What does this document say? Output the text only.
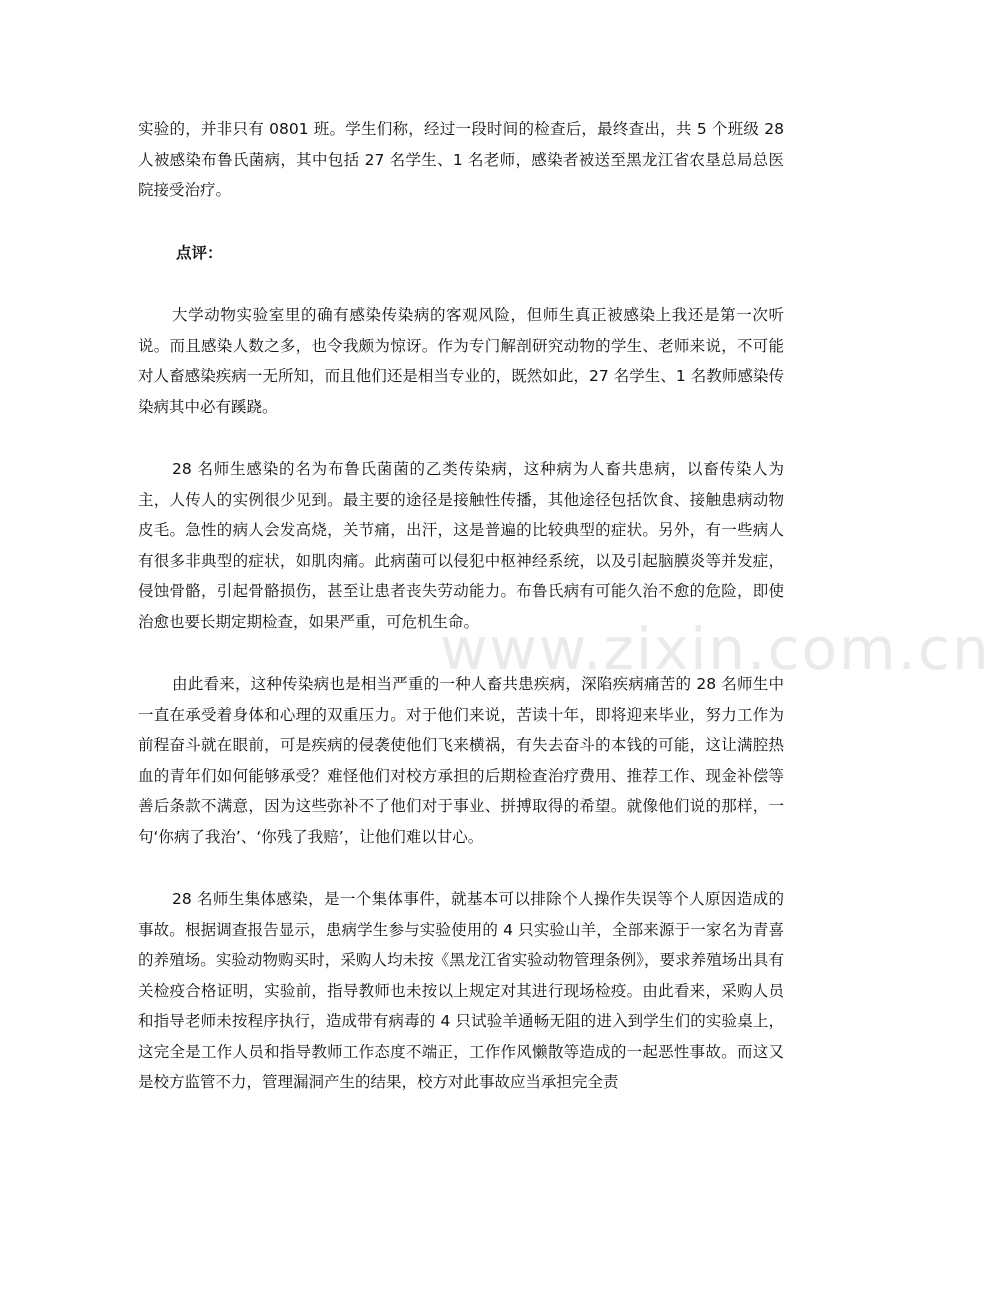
实验的，并非只有 0801 班。学生们称，经过一段时间的检查后，最终查出，共 5 个班级 28 人被感染布鲁氏菌病，其中包括 27 名学生、1 名老师，感染者被送至黑龙江省农垦总局总医院接受治疗。

点评：

大学动物实验室里的确有感染传染病的客观风险，但师生真正被感染上我还是第一次听说。而且感染人数之多，也令我颇为惊讶。作为专门解剖研究动物的学生、老师来说，不可能对人畜感染疾病一无所知，而且他们还是相当专业的，既然如此，27 名学生、1 名教师感染传染病其中必有蹊跷。

28 名师生感染的名为布鲁氏菌菌的乙类传染病，这种病为人畜共患病，以畜传染人为主，人传人的实例很少见到。最主要的途径是接触性传播，其他途径包括饮食、接触患病动物皮毛。急性的病人会发高烧，关节痛，出汗，这是普遍的比较典型的症状。另外，有一些病人有很多非典型的症状，如肌肉痛。此病菌可以侵犯中枢神经系统，以及引起脑膜炎等并发症，侵蚀骨骼，引起骨骼损伤，甚至让患者丧失劳动能力。布鲁氏病有可能久治不愈的危险，即使治愈也要长期定期检查，如果严重，可危机生命。

由此看来，这种传染病也是相当严重的一种人畜共患疾病，深陷疾病痛苦的 28 名师生中一直在承受着身体和心理的双重压力。对于他们来说，苦读十年，即将迎来毕业，努力工作为前程奋斗就在眼前，可是疾病的侵袭使他们飞来横祸，有失去奋斗的本钱的可能，这让满腔热血的青年们如何能够承受？难怪他们对校方承担的后期检查治疗费用、推荐工作、现金补偿等善后条款不满意，因为这些弥补不了他们对于事业、拼搏取得的希望。就像他们说的那样，一句‘你病了我治’、‘你残了我赔’，让他们难以甘心。

28 名师生集体感染，是一个集体事件，就基本可以排除个人操作失误等个人原因造成的事故。根据调查报告显示，患病学生参与实验使用的 4 只实验山羊，全部来源于一家名为青喜的养殖场。实验动物购买时，采购人均未按《黑龙江省实验动物管理条例》，要求养殖场出具有关检疫合格证明，实验前，指导教师也未按以上规定对其进行现场检疫。由此看来，采购人员和指导老师未按程序执行，造成带有病毒的 4 只试验羊通畅无阻的进入到学生们的实验桌上，这完全是工作人员和指导教师工作态度不端正，工作作风懒散等造成的一起恶性事故。而这又是校方监管不力，管理漏洞产生的结果，校方对此事故应当承担完全责

www.zixin.com.cn
